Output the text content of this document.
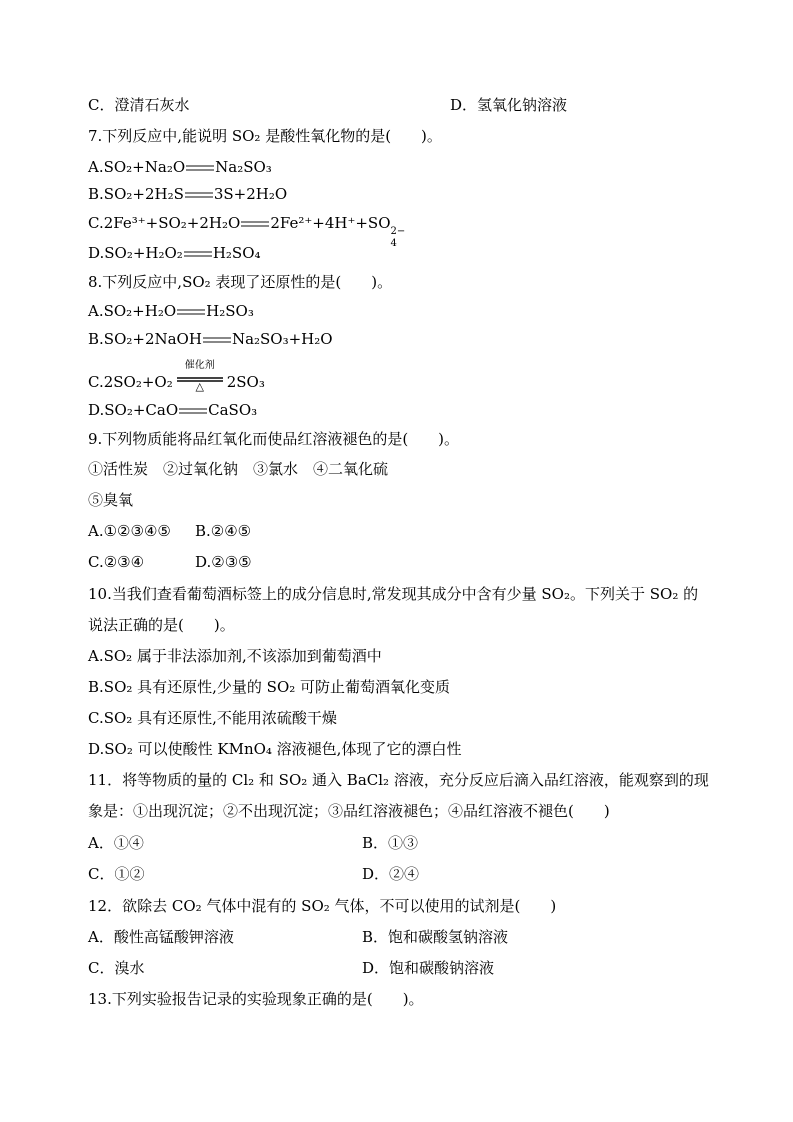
C．澄清石灰水	D．氢氧化钠溶液
7.下列反应中,能说明 SO₂ 是酸性氧化物的是(　　)。
A.SO₂+Na₂O Na₂SO₃
B.SO₂+2H₂S 3S+2H₂O
C.2Fe³⁺+SO₂+2H₂O 2Fe²⁺+4H⁺+SO 2−
4
D.SO₂+H₂O₂ H₂SO₄
8.下列反应中,SO₂ 表现了还原性的是(　　)。
A.SO₂+H₂O H₂SO₃
B.SO₂+2NaOH Na₂SO₃+H₂O
C.2SO₂+O₂
催化剂
△	2SO₃
D.SO₂+CaO CaSO₃
9.下列物质能将品红氧化而使品红溶液褪色的是(　　)。
①活性炭　②过氧化钠　③氯水　④二氧化硫
⑤臭氧
A.①②③④⑤ B.②④⑤
C.②③④	D.②③⑤
10.当我们查看葡萄酒标签上的成分信息时,常发现其成分中含有少量 SO₂。下列关于 SO₂ 的
说法正确的是(　　)。
A.SO₂ 属于非法添加剂,不该添加到葡萄酒中
B.SO₂ 具有还原性,少量的 SO₂ 可防止葡萄酒氧化变质
C.SO₂ 具有还原性,不能用浓硫酸干燥
D.SO₂ 可以使酸性 KMnO₄ 溶液褪色,体现了它的漂白性
11．将等物质的量的 Cl₂ 和 SO₂ 通入 BaCl₂ 溶液，充分反应后滴入品红溶液，能观察到的现
象是：①出现沉淀；②不出现沉淀；③品红溶液褪色；④品红溶液不褪色(　　)
A．①④	B．①③
C．①②	D．②④
12．欲除去 CO₂ 气体中混有的 SO₂ 气体，不可以使用的试剂是(　　)
A．酸性高锰酸钾溶液	B．饱和碳酸氢钠溶液
C．溴水	D．饱和碳酸钠溶液
13.下列实验报告记录的实验现象正确的是(　　)。
